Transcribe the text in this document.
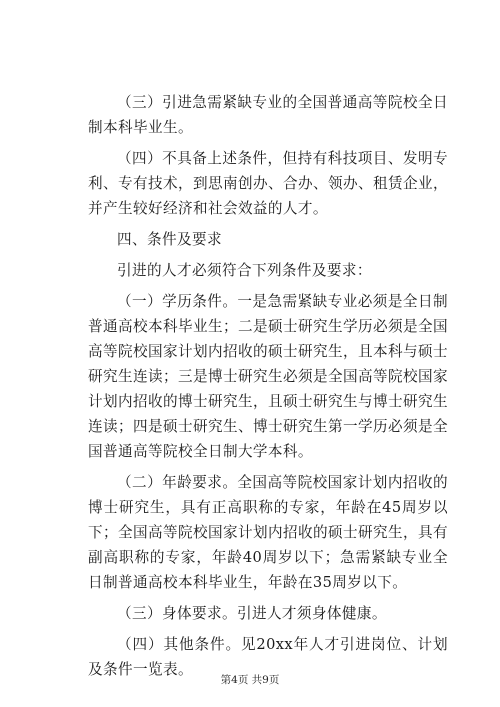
（三）引进急需紧缺专业的全国普通高等院校全日制本科毕业生。

（四）不具备上述条件，但持有科技项目、发明专利、专有技术，到思南创办、合办、领办、租赁企业，并产生较好经济和社会效益的人才。

四、条件及要求

引进的人才必须符合下列条件及要求：

（一）学历条件。一是急需紧缺专业必须是全日制普通高校本科毕业生；二是硕士研究生学历必须是全国高等院校国家计划内招收的硕士研究生，且本科与硕士研究生连读；三是博士研究生必须是全国高等院校国家计划内招收的博士研究生，且硕士研究生与博士研究生连读；四是硕士研究生、博士研究生第一学历必须是全国普通高等院校全日制大学本科。

（二）年龄要求。全国高等院校国家计划内招收的博士研究生，具有正高职称的专家，年龄在45周岁以下；全国高等院校国家计划内招收的硕士研究生，具有副高职称的专家，年龄40周岁以下；急需紧缺专业全日制普通高校本科毕业生，年龄在35周岁以下。

（三）身体要求。引进人才须身体健康。

（四）其他条件。见20xx年人才引进岗位、计划及条件一览表。

第4页 共9页
